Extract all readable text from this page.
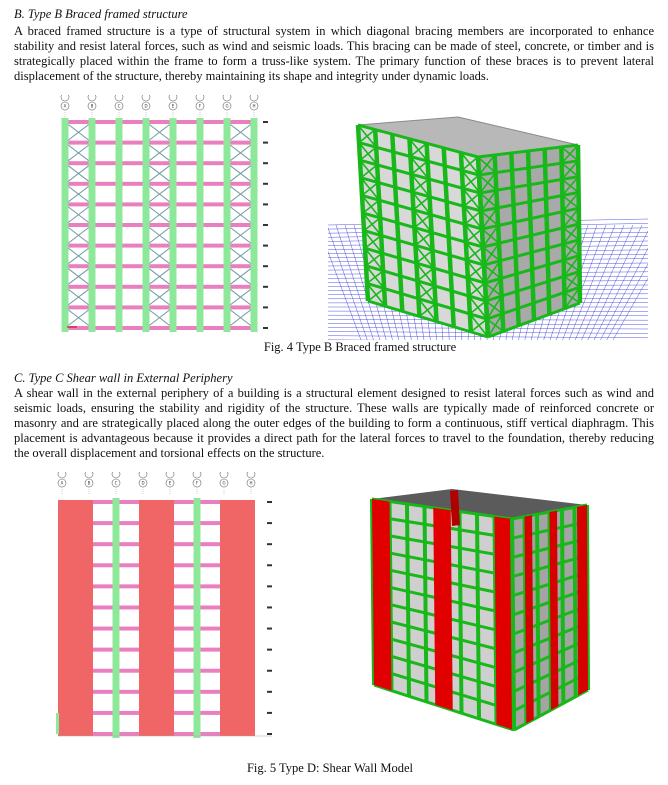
B. Type B Braced framed structure

A braced framed structure is a type of structural system in which diagonal bracing members are incorporated to enhance stability and resist lateral forces, such as wind and seismic loads. This bracing can be made of steel, concrete, or timber and is strategically placed within the frame to form a truss-like system. The primary function of these braces is to prevent lateral displacement of the structure, thereby maintaining its shape and integrity under dynamic loads.

A	B	C	D	E	F	G	H
Fig. 4 Type B Braced framed structure
C. Type C Shear wall in External Periphery

A shear wall in the external periphery of a building is a structural element designed to resist lateral forces such as wind and seismic loads, ensuring the stability and rigidity of the structure. These walls are typically made of reinforced concrete or masonry and are strategically placed along the outer edges of the building to form a continuous, stiff vertical diaphragm. This placement is advantageous because it provides a direct path for the lateral forces to travel to the foundation, thereby reducing the overall displacement and torsional effects on the structure.

A	B	C	D	E	F	G	H
Fig. 5 Type D: Shear Wall Model
